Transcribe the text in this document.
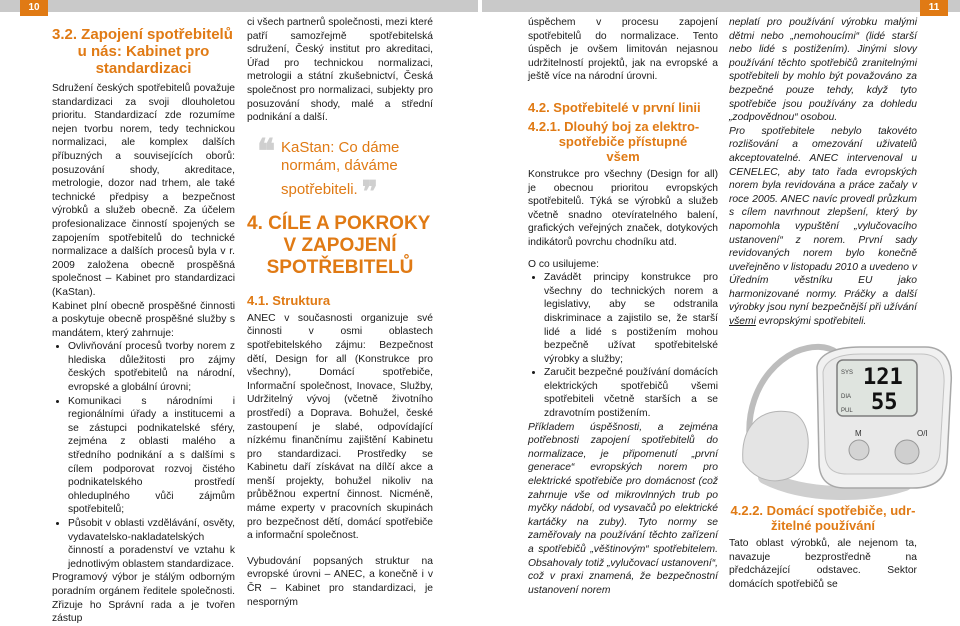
10	11
3.2. Zapojení spotřebitelů
u nás: Kabinet pro
standardizaci

Sdružení českých spotřebitelů považuje standardizaci za svoji dlouholetou prioritu. Standardizací zde rozumíme nejen tvorbu norem, tedy technickou normalizaci, ale komplex dalších příbuzných a souvisejících oborů: posuzování shody, akreditace, metrologie, dozor nad trhem, ale také technické předpisy a bezpečnost výrobků a služeb obecně. Za účelem profesionalizace činností spojených se zapojením spotřebitelů do technické normalizace a dalších procesů byla v r. 2009 založena obecně prospěšná společnost – Kabinet pro standardizaci (KaStan).

Kabinet plní obecně prospěšné činnosti a poskytuje obecně prospěšné služby s mandátem, který zahrnuje:

• Ovlivňování procesů tvorby norem z hlediska důležitosti pro zájmy českých spotřebitelů na národní, evropské a globální úrovni;
• Komunikaci s národními i regionálními úřady a institucemi a se zástupci podnikatelské sféry, zejména z oblasti malého a středního podnikání a s dalšími s cílem podporovat rozvoj čistého podnikatelského prostředí ohleduplného vůči zájmům spotřebitelů;
• Působit v oblasti vzdělávání, osvěty, vydavatelsko-nakladatelských činností a poradenství ve vztahu k jednotlivým oblastem standardizace.

Programový výbor je stálým odborným poradním orgánem ředitele společnosti. Zřizuje ho Správní rada a je tvořen zástup

ci všech partnerů společnosti, mezi které patří samozřejmě spotřebitelská sdružení, Český institut pro akreditaci, Úřad pro technickou normalizaci, metrologii a státní zkušebnictví, Česká společnost pro normalizaci, subjekty pro posuzování shody, malé a střední podnikání a další.

❝ KaStan: Co dáme normám, dáváme spotřebiteli. ❞
4. CÍLE A POKROKY
V ZAPOJENÍ
SPOTŘEBITELŮ
4.1. Struktura

ANEC v současnosti organizuje své činnosti v osmi oblastech spotřebitelského zájmu: Bezpečnost dětí, Design for all (Konstrukce pro všechny), Domácí spotřebiče, Informační společnost, Inovace, Služby, Udržitelný vývoj (včetně životního prostředí) a Doprava. Bohužel, české zastoupení je slabé, odpovídající nízkému finančnímu zajištění Kabinetu pro standardizaci. Prostředky se Kabinetu daří získávat na dílčí akce a menší projekty, bohužel nikoliv na průběžnou expertní činnost. Nicméně, máme experty v pracovních skupinách pro bezpečnost dětí, domácí spotřebiče a informační společnost.

Vybudování popsaných struktur na evropské úrovni – ANEC, a konečně i v ČR – Kabinet pro standardizaci, je nesporným

úspěchem v procesu zapojení spotřebitelů do normalizace. Tento úspěch je ovšem limitován nejasnou udržitelností projektů, jak na evropské a ještě více na národní úrovni.

4.2. Spotřebitelé v první linii
4.2.1. Dlouhý boj za elektro-
spotřebiče přístupné
všem

Konstrukce pro všechny (Design for all) je obecnou prioritou evropských spotřebitelů. Týká se výrobků a služeb včetně snadno otevíratelného balení, grafických veřejných značek, dotykových indikátorů povrchu chodníku atd.

O co usilujeme:

• Zavádět principy konstrukce pro všechny do technických norem a legislativy, aby se odstranila diskriminace a zajistilo se, že starší lidé a lidé s postižením mohou bezpečně užívat spotřebitelské výrobky a služby;
• Zaručit bezpečné používání domácích elektrických spotřebičů všemi spotřebiteli včetně starších a se zdravotním postižením.

Příkladem úspěšnosti, a zejména potřebnosti zapojení spotřebitelů do normalizace, je připomenutí „první generace“ evropských norem pro elektrické spotřebiče pro domácnost (což zahrnuje vše od mikrovlnných trub po myčky nádobí, od vysavačů po elektrické kartáčky na zuby). Tyto normy se zaměřovaly na používání těchto zařízení a spotřebičů „věštinovým“ spotřebitelem. Obsahovaly totiž „vylučovací ustanovení“, což v praxi znamená, že bezpečnostní ustanovení norem

neplatí pro používání výrobku malými dětmi nebo „nemohoucími“ (lidé starší nebo lidé s postižením). Jinými slovy používání těchto spotřebičů zranitelnými spotřebiteli by mohlo být považováno za bezpečné pouze tehdy, když tyto spotřebiče jsou používány za dohledu „zodpovědnou“ osobou.

Pro spotřebitele nebylo takovéto rozlišování a omezování uživatelů akceptovatelné. ANEC intervenoval u CENELEC, aby tato řada evropských norem byla revidována a práce začaly v roce 2005. ANEC navíc provedl průzkum s cílem navrhnout zlepšení, který by napomohla vypuštění „vylučovacího ustanovení“ z norem. První sady revidovaných norem bylo konečně uveřejněno v listopadu 2010 a uvedeno v Úředním věstníku EU jako harmonizované normy. Práčky a další výrobky jsou nyní bezpečnější při užívání všemi evropskými spotřebiteli.

121
55
SYS
DIA
PUL
M	O/I
4.2.2. Domácí spotřebiče, udr-
žitelné používání

Tato oblast výrobků, ale nejenom ta, navazuje bezprostředně na předcházející odstavec. Sektor domácích spotřebičů se
